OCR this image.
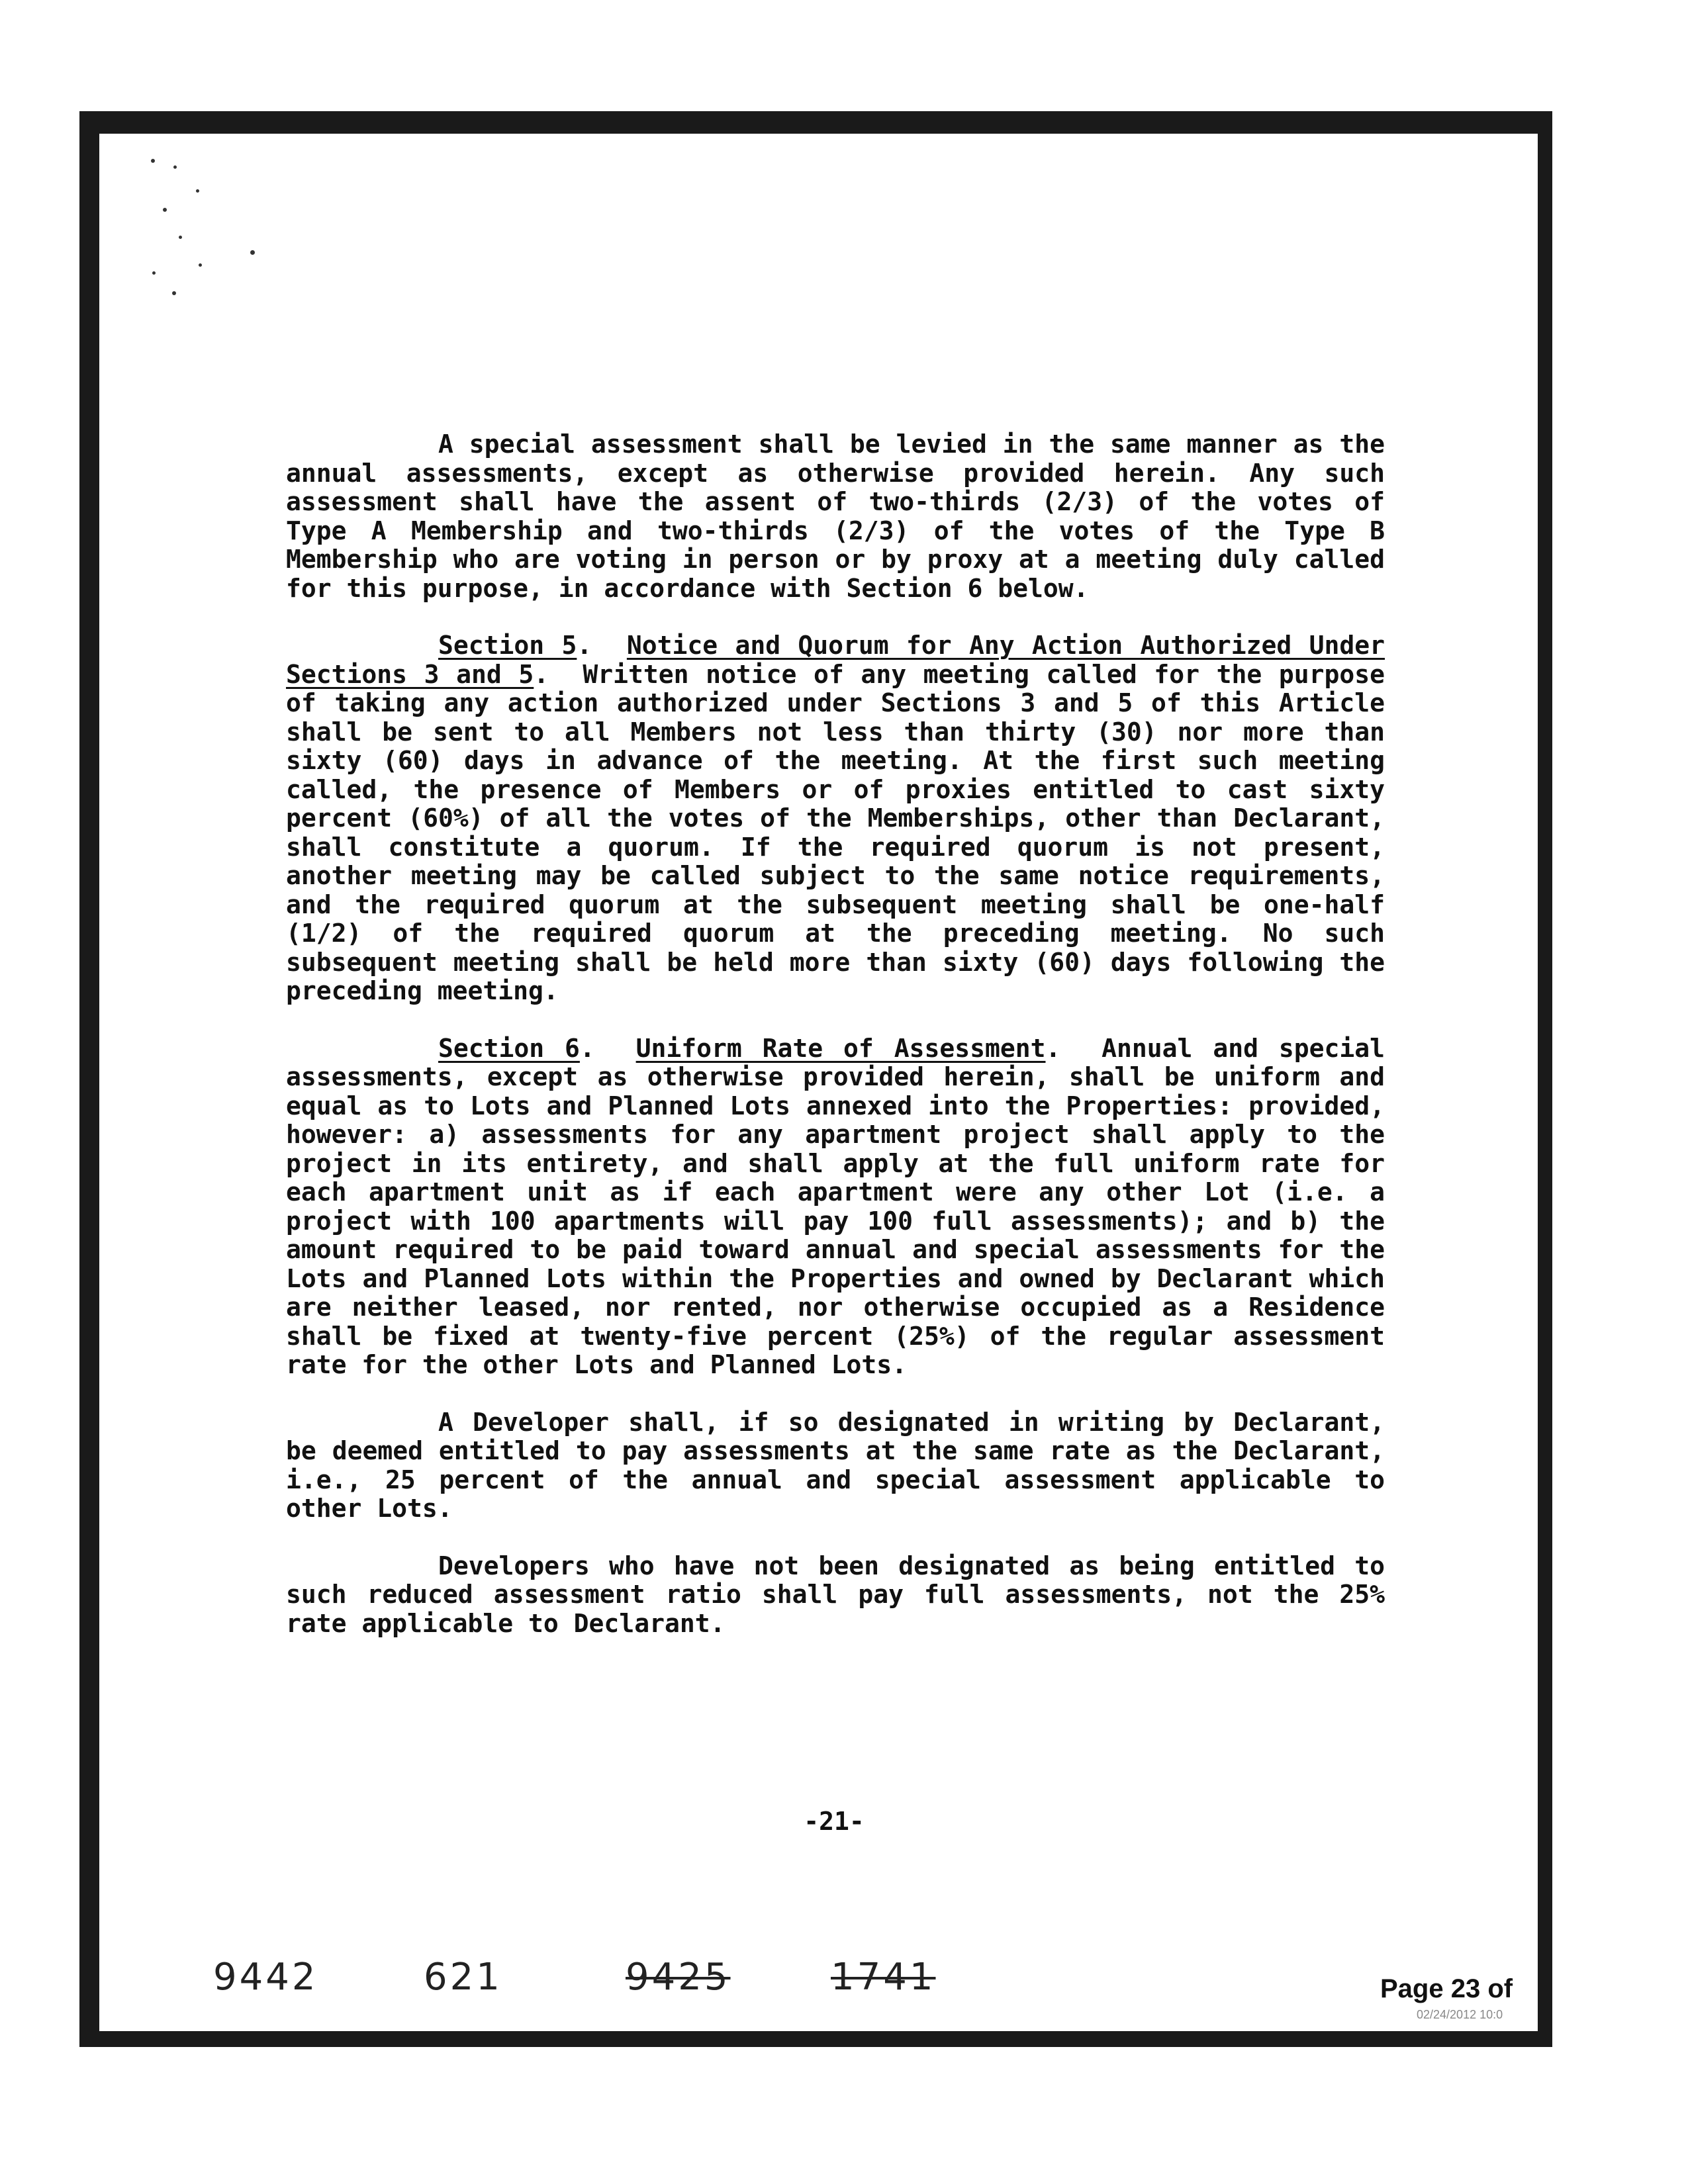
A special assessment shall be levied in the same manner as the annual assessments, except as otherwise provided herein. Any such assessment shall have the assent of two-thirds (2/3) of the votes of Type A Membership and two-thirds (2/3) of the votes of the Type B Membership who are voting in person or by proxy at a meeting duly called for this purpose, in accordance with Section 6 below.

Section 5.  Notice and Quorum for Any Action Authorized Under Sections 3 and 5.  Written notice of any meeting called for the purpose of taking any action authorized under Sections 3 and 5 of this Article shall be sent to all Members not less than thirty (30) nor more than sixty (60) days in advance of the meeting. At the first such meeting called, the presence of Members or of proxies entitled to cast sixty percent (60%) of all the votes of the Memberships, other than Declarant, shall constitute a quorum. If the required quorum is not present, another meeting may be called subject to the same notice requirements, and the required quorum at the subsequent meeting shall be one-half (1/2) of the required quorum at the preceding meeting. No such subsequent meeting shall be held more than sixty (60) days following the preceding meeting.

Section 6.  Uniform Rate of Assessment.  Annual and special assessments, except as otherwise provided herein, shall be uniform and equal as to Lots and Planned Lots annexed into the Properties: provided, however: a) assessments for any apartment project shall apply to the project in its entirety, and shall apply at the full uniform rate for each apartment unit as if each apartment were any other Lot (i.e. a project with 100 apartments will pay 100 full assessments); and b) the amount required to be paid toward annual and special assessments for the Lots and Planned Lots within the Properties and owned by Declarant which are neither leased, nor rented, nor otherwise occupied as a Residence shall be fixed at twenty-five percent (25%) of the regular assessment rate for the other Lots and Planned Lots.

A Developer shall, if so designated in writing by Declarant, be deemed entitled to pay assessments at the same rate as the Declarant, i.e., 25 percent of the annual and special assessment applicable to other Lots.

Developers who have not been designated as being entitled to such reduced assessment ratio shall pay full assessments, not the 25% rate applicable to Declarant.

-21-
9442	621	9425	1741	Page 23 of
02/24/2012 10:0
